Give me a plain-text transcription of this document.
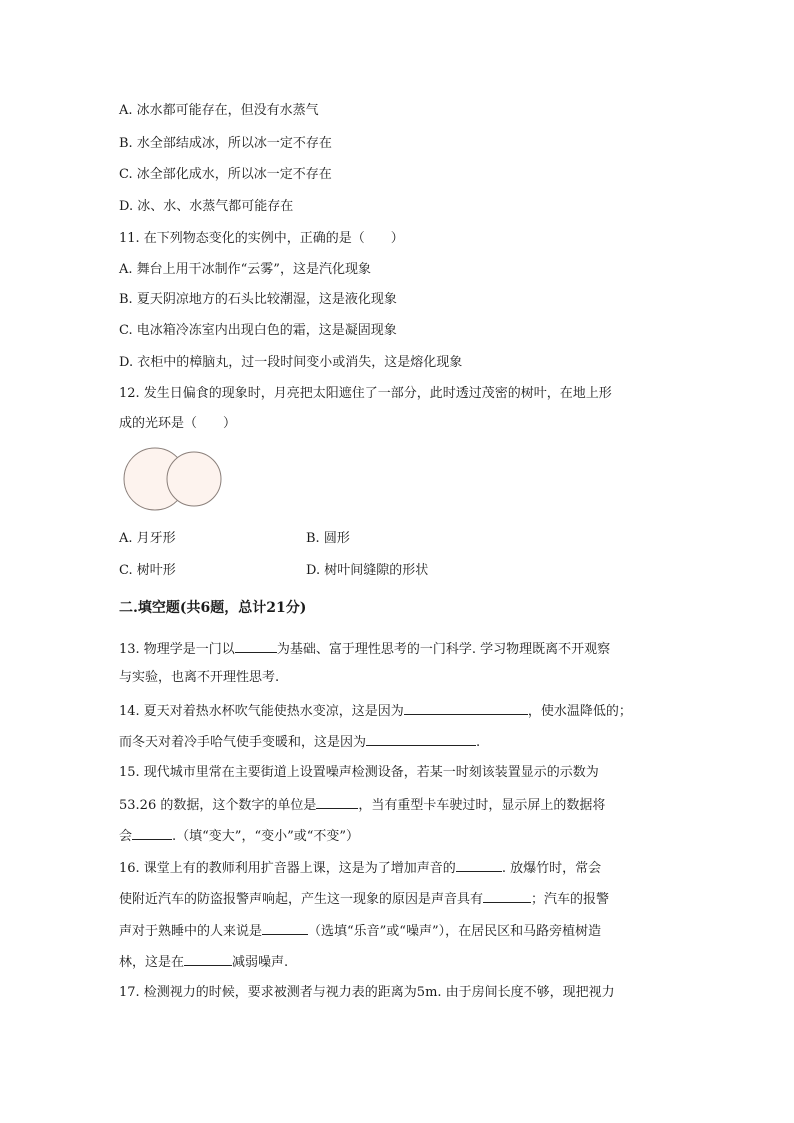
A. 冰水都可能存在，但没有水蒸气
B. 水全部结成冰，所以冰一定不存在
C. 冰全部化成水，所以冰一定不存在
D. 冰、水、水蒸气都可能存在
11. 在下列物态变化的实例中，正确的是（　　）
A. 舞台上用干冰制作“云雾”，这是汽化现象
B. 夏天阴凉地方的石头比较潮湿，这是液化现象
C. 电冰箱冷冻室内出现白色的霜，这是凝固现象
D. 衣柜中的樟脑丸，过一段时间变小或消失，这是熔化现象
12. 发生日偏食的现象时，月亮把太阳遮住了一部分，此时透过茂密的树叶，在地上形
成的光环是（　　）
A. 月牙形	B. 圆形
C. 树叶形	D. 树叶间缝隙的形状
二.填空题(共6题，总计21分)
13. 物理学是一门以	为基础、富于理性思考的一门科学. 学习物理既离不开观察
与实验，也离不开理性思考.
14. 夏天对着热水杯吹气能使热水变凉，这是因为	，使水温降低的；
而冬天对着冷手哈气使手变暖和，这是因为	.
15. 现代城市里常在主要街道上设置噪声检测设备，若某一时刻该装置显示的示数为
53.26 的数据，这个数字的单位是	，当有重型卡车驶过时，显示屏上的数据将
会	.（填“变大”，“变小”或“不变”）
16. 课堂上有的教师利用扩音器上课，这是为了增加声音的	. 放爆竹时，常会
使附近汽车的防盗报警声响起，产生这一现象的原因是声音具有	；汽车的报警
声对于熟睡中的人来说是	（选填“乐音”或“噪声”），在居民区和马路旁植树造
林，这是在	减弱噪声.
17. 检测视力的时候，要求被测者与视力表的距离为5m. 由于房间长度不够，现把视力
